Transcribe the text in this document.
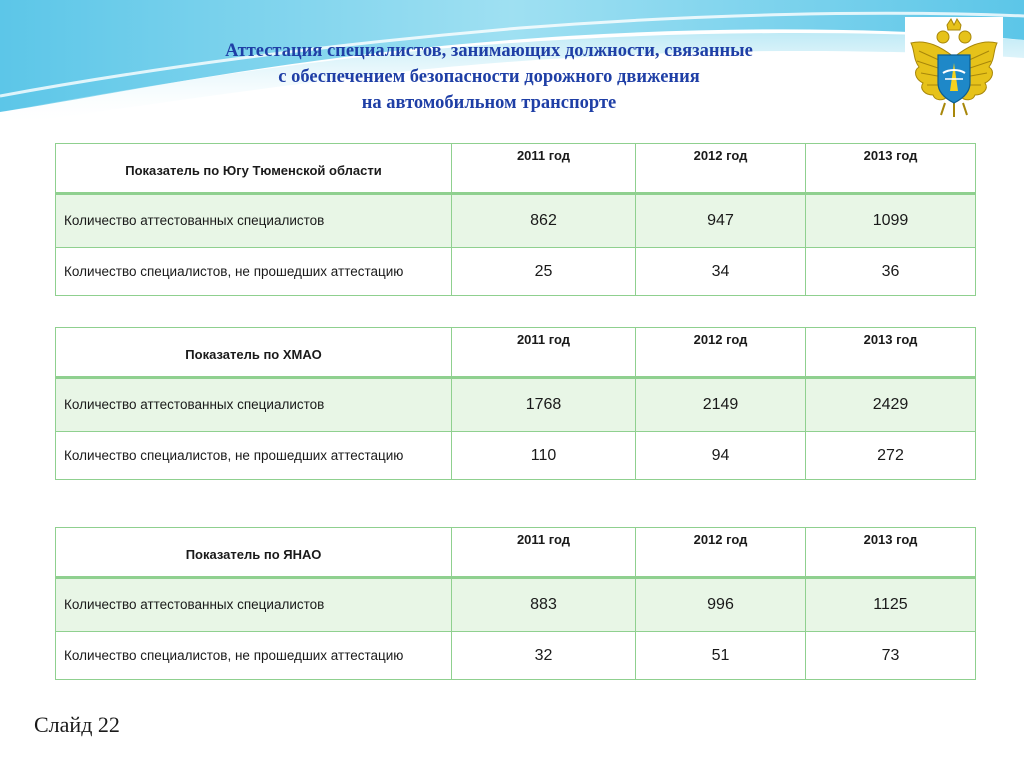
Аттестация специалистов, занимающих должности, связанные
с обеспечением безопасности дорожного движения
на автомобильном транспорте
Показатель по Югу Тюменской области	2011 год	2012 год	2013 год
Количество аттестованных специалистов	862	947	1099
Количество специалистов, не прошедших аттестацию	25	34	36
Показатель по ХМАО	2011 год	2012 год	2013 год
Количество аттестованных специалистов	1768	2149	2429
Количество специалистов, не прошедших аттестацию	110	94	272
Показатель по ЯНАО	2011 год	2012 год	2013 год
Количество аттестованных специалистов	883	996	1125
Количество специалистов, не прошедших аттестацию	32	51	73
Слайд 22
